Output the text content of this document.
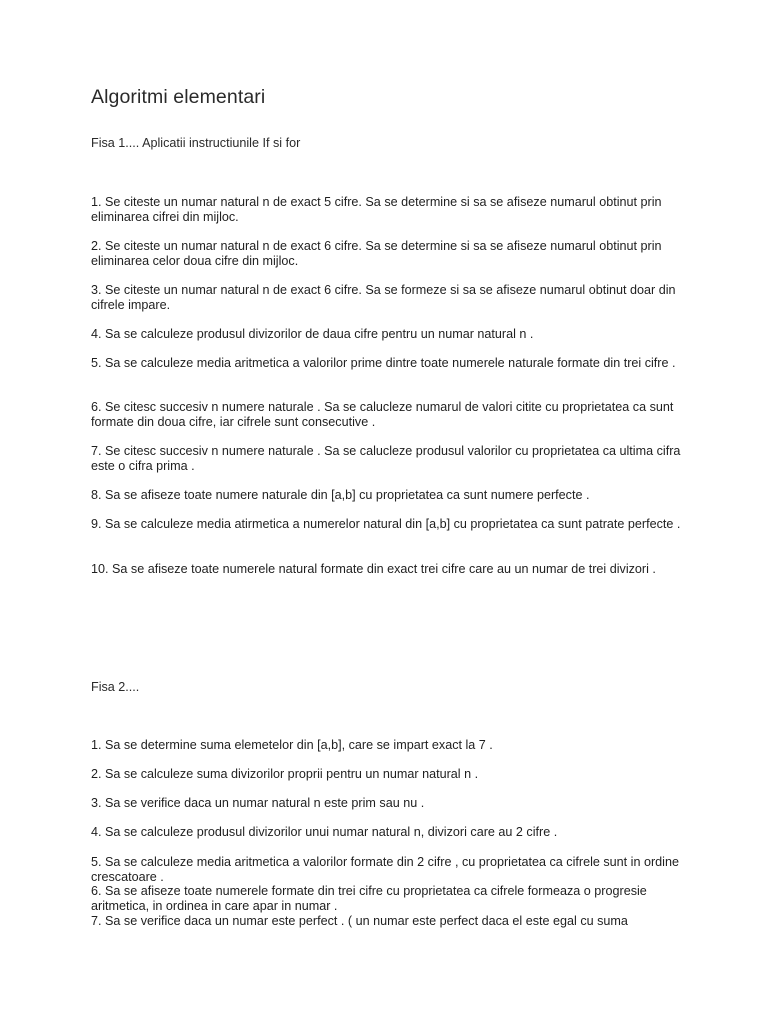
Algoritmi elementari

Fisa 1.... Aplicatii instructiunile If si for

1. Se citeste un numar natural n de exact 5 cifre. Sa se determine si sa se afiseze numarul obtinut prin eliminarea cifrei din mijloc.

2. Se citeste un numar natural n de exact 6 cifre. Sa se determine si sa se afiseze numarul obtinut prin eliminarea celor doua cifre din mijloc.

3. Se citeste un numar natural n de exact 6 cifre. Sa se formeze si sa se afiseze numarul obtinut doar din cifrele impare.

4. Sa se calculeze produsul divizorilor de daua cifre pentru un numar natural n .

5. Sa se calculeze media aritmetica a valorilor prime dintre toate numerele naturale formate din trei cifre .

6. Se citesc succesiv n numere naturale . Sa se calucleze numarul de valori citite cu proprietatea ca sunt formate din doua cifre, iar cifrele sunt consecutive .

7. Se citesc succesiv n numere naturale . Sa se calucleze produsul valorilor cu proprietatea ca ultima cifra este o cifra prima .

8. Sa se afiseze toate numere naturale din [a,b] cu proprietatea ca sunt numere perfecte .

9. Sa se calculeze media atirmetica a numerelor natural din [a,b] cu proprietatea ca sunt patrate perfecte .

10. Sa se afiseze toate numerele natural formate din exact trei cifre care au un numar de trei divizori .

Fisa 2....

1. Sa se determine suma elemetelor din [a,b], care se impart exact la 7 .

2. Sa se calculeze suma divizorilor proprii pentru un numar natural n .

3. Sa se verifice daca un numar natural n este prim sau nu .

4. Sa se calculeze produsul divizorilor unui numar natural n, divizori care au 2 cifre .

5. Sa se calculeze media aritmetica a valorilor formate din 2 cifre , cu proprietatea ca cifrele sunt in ordine crescatoare .

6. Sa se afiseze toate numerele formate din trei cifre cu proprietatea ca cifrele formeaza o progresie aritmetica, in ordinea in care apar in numar .

7. Sa se verifice daca un numar este perfect . ( un numar este perfect daca el este egal cu suma
